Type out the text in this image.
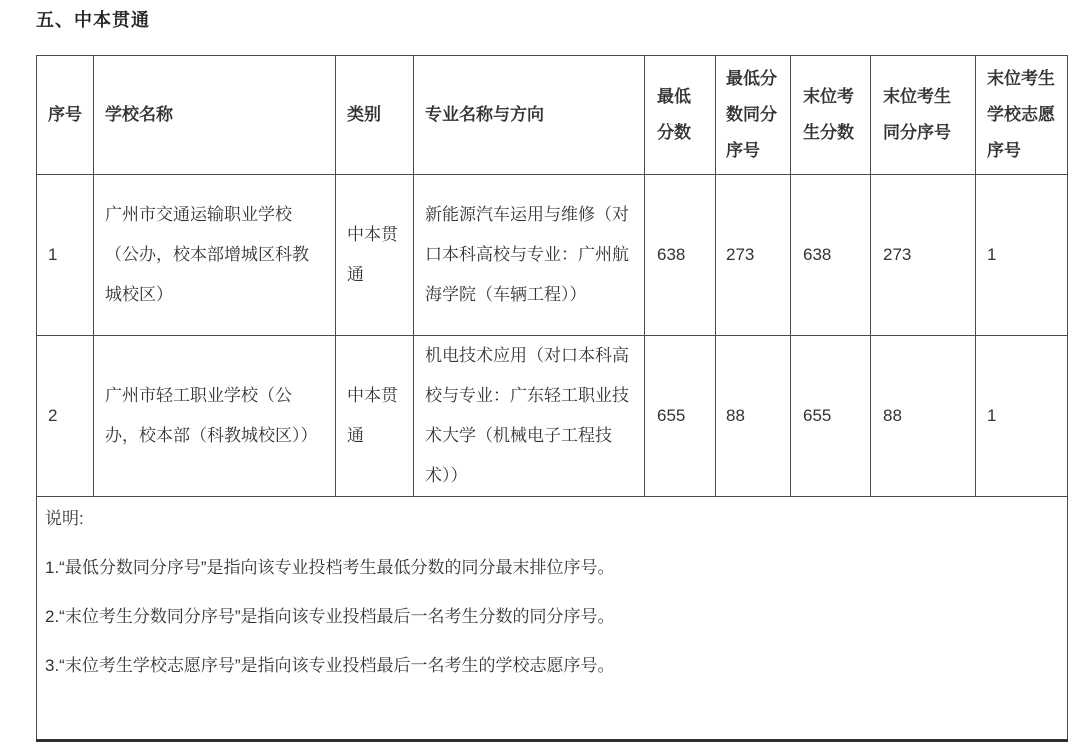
五、中本贯通
序号	学校名称	类别	专业名称与方向	最低分数	最低分数同分序号	末位考生分数	末位考生同分序号	末位考生学校志愿序号
1	广州市交通运输职业学校（公办，校本部增城区科教城校区）	中本贯通	新能源汽车运用与维修（对口本科高校与专业：广州航海学院（车辆工程））	638	273	638	273	1
2	广州市轻工职业学校（公办，校本部（科教城校区））	中本贯通	机电技术应用（对口本科高校与专业：广东轻工职业技术大学（机械电子工程技术））	655	88	655	88	1

说明:

1.“最低分数同分序号”是指向该专业投档考生最低分数的同分最末排位序号。

2.“末位考生分数同分序号”是指向该专业投档最后一名考生分数的同分序号。

3.“末位考生学校志愿序号”是指向该专业投档最后一名考生的学校志愿序号。								
